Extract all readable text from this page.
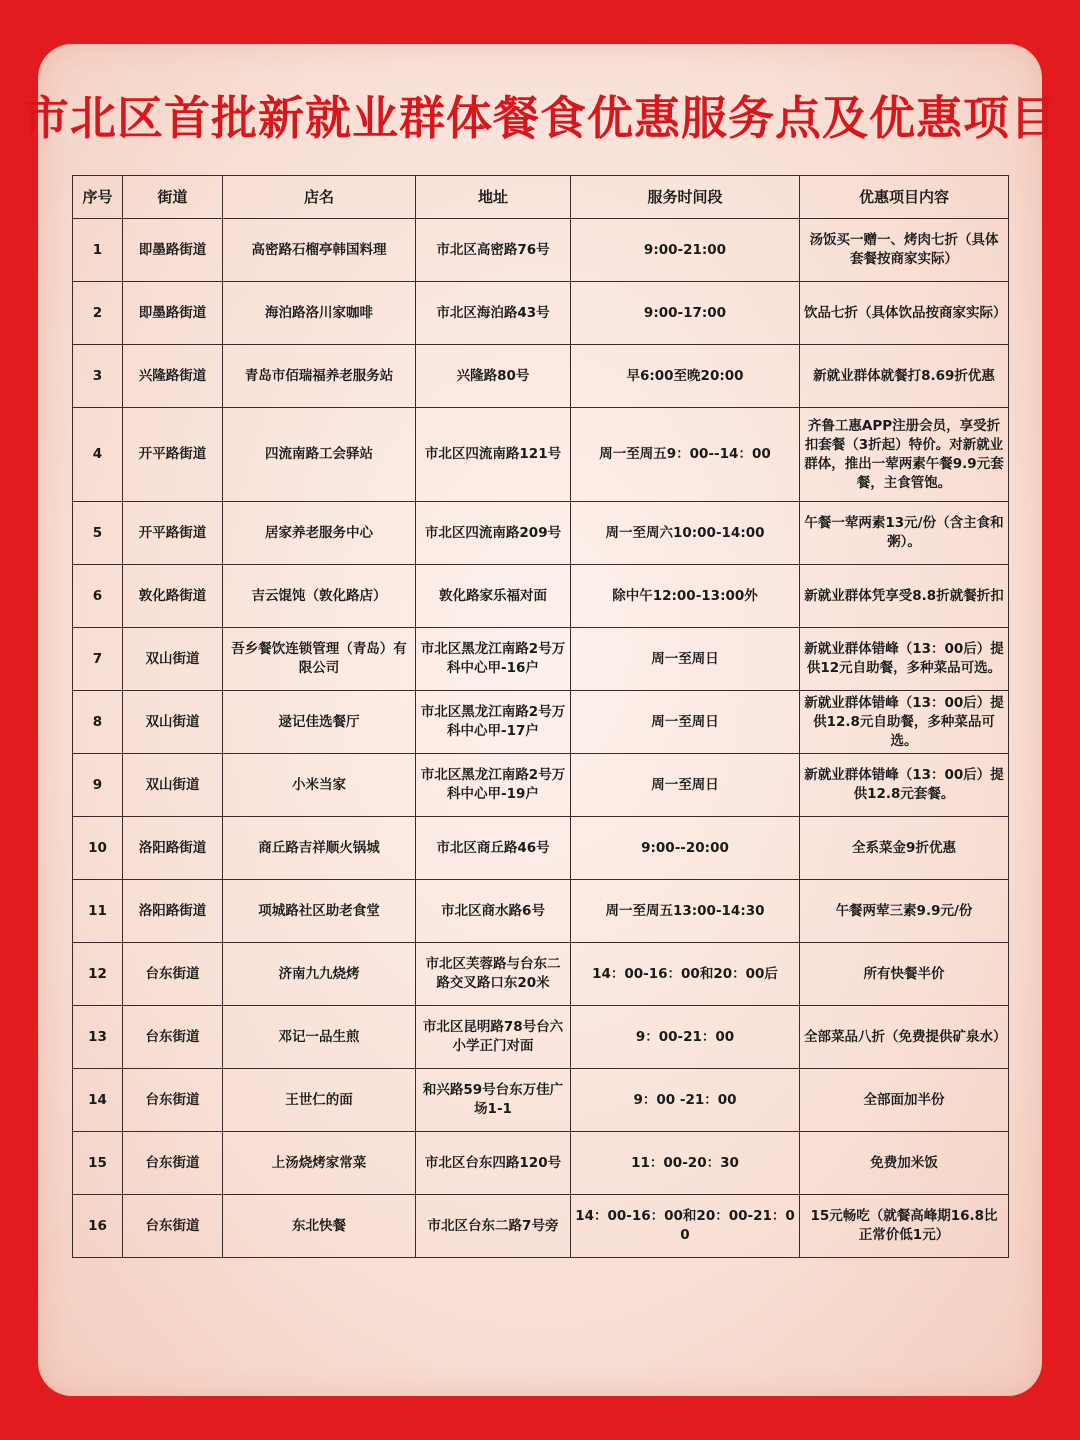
市北区首批新就业群体餐食优惠服务点及优惠项目
序号	街道	店名	地址	服务时间段	优惠项目内容
1	即墨路街道	高密路石榴亭韩国料理	市北区高密路76号	9:00-21:00	汤饭买一赠一、烤肉七折（具体套餐按商家实际）
2	即墨路街道	海泊路洛川家咖啡	市北区海泊路43号	9:00-17:00	饮品七折（具体饮品按商家实际）
3	兴隆路街道	青岛市佰瑞福养老服务站	兴隆路80号	早6:00至晚20:00	新就业群体就餐打8.69折优惠
4	开平路街道	四流南路工会驿站	市北区四流南路121号	周一至周五9：00--14：00	齐鲁工惠APP注册会员，享受折扣套餐（3折起）特价。对新就业群体，推出一荤两素午餐9.9元套餐，主食管饱。
5	开平路街道	居家养老服务中心	市北区四流南路209号	周一至周六10:00-14:00	午餐一荤两素13元/份（含主食和粥）。
6	敦化路街道	吉云馄饨（敦化路店）	敦化路家乐福对面	除中午12:00-13:00外	新就业群体凭享受8.8折就餐折扣
7	双山街道	吾乡餐饮连锁管理（青岛）有限公司	市北区黑龙江南路2号万科中心甲-16户	周一至周日	新就业群体错峰（13：00后）提供12元自助餐，多种菜品可选。
8	双山街道	逯记佳选餐厅	市北区黑龙江南路2号万科中心甲-17户	周一至周日	新就业群体错峰（13：00后）提供12.8元自助餐，多种菜品可选。
9	双山街道	小米当家	市北区黑龙江南路2号万科中心甲-19户	周一至周日	新就业群体错峰（13：00后）提供12.8元套餐。
10	洛阳路街道	商丘路吉祥顺火锅城	市北区商丘路46号	9:00--20:00	全系菜金9折优惠
11	洛阳路街道	项城路社区助老食堂	市北区商水路6号	周一至周五13:00-14:30	午餐两荤三素9.9元/份
12	台东街道	济南九九烧烤	市北区芙蓉路与台东二路交叉路口东20米	14：00-16：00和20：00后	所有快餐半价
13	台东街道	邓记一品生煎	市北区昆明路78号台六小学正门对面	9：00-21：00	全部菜品八折（免费提供矿泉水）
14	台东街道	王世仁的面	和兴路59号台东万佳广场1-1	9：00 -21：00	全部面加半份
15	台东街道	上汤烧烤家常菜	市北区台东四路120号	11：00-20：30	免费加米饭
16	台东街道	东北快餐	市北区台东二路7号旁	14：00-16：00和20：00-21：00	15元畅吃（就餐高峰期16.8比正常价低1元）
